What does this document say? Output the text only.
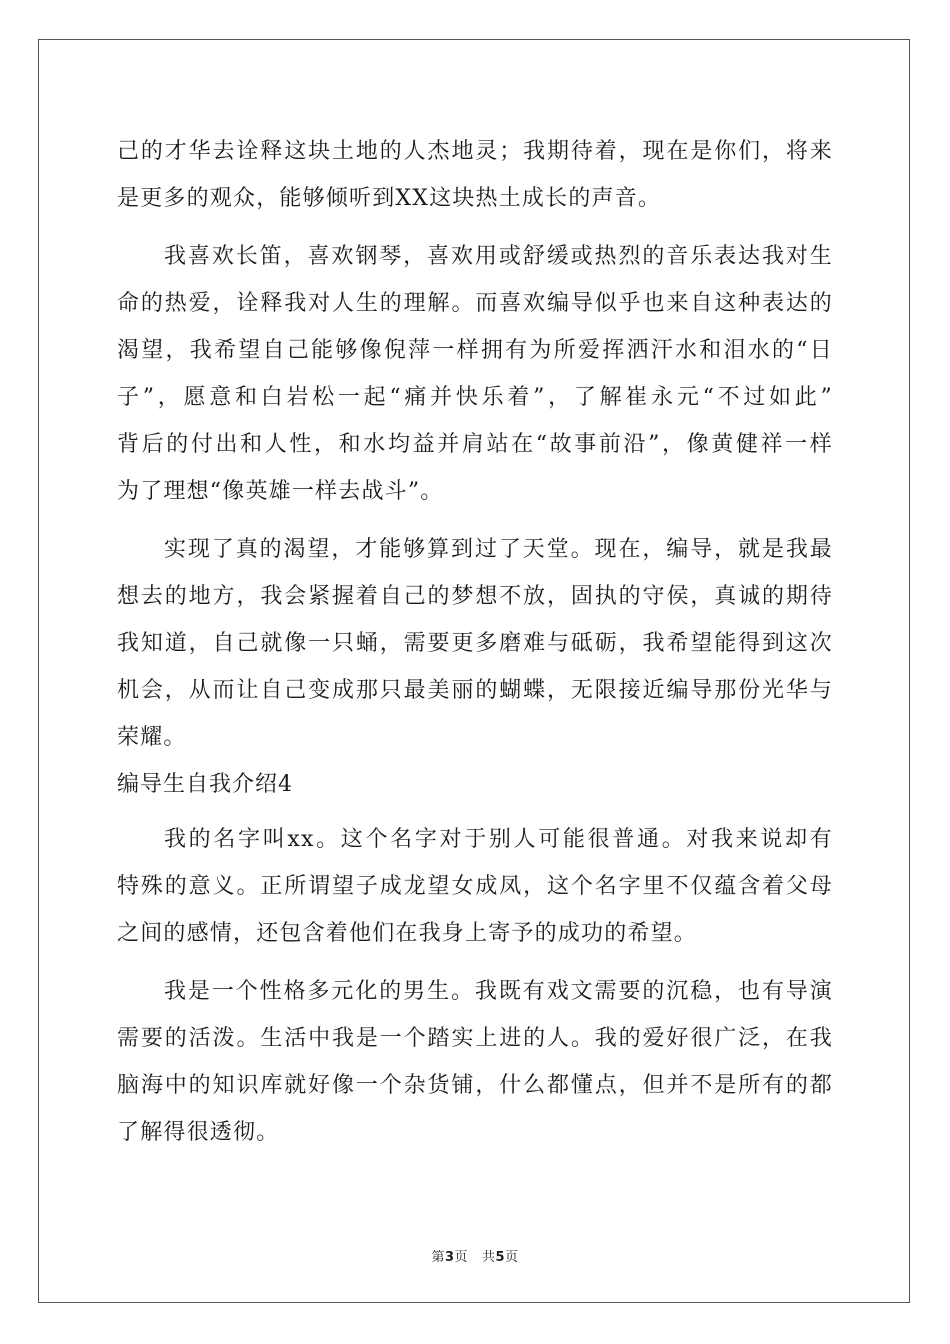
己的才华去诠释这块土地的人杰地灵；我期待着，现在是你们，将来
是更多的观众，能够倾听到XX这块热土成长的声音。
我喜欢长笛，喜欢钢琴，喜欢用或舒缓或热烈的音乐表达我对生
命的热爱，诠释我对人生的理解。而喜欢编导似乎也来自这种表达的
渴望，我希望自己能够像倪萍一样拥有为所爱挥洒汗水和泪水的“日
子”，愿意和白岩松一起“痛并快乐着”，了解崔永元“不过如此”
背后的付出和人性，和水均益并肩站在“故事前沿”，像黄健祥一样
为了理想“像英雄一样去战斗”。
实现了真的渴望，才能够算到过了天堂。现在，编导，就是我最
想去的地方，我会紧握着自己的梦想不放，固执的守侯，真诚的期待
我知道，自己就像一只蛹，需要更多磨难与砥砺，我希望能得到这次
机会，从而让自己变成那只最美丽的蝴蝶，无限接近编导那份光华与
荣耀。
编导生自我介绍4
我的名字叫xx。这个名字对于别人可能很普通。对我来说却有
特殊的意义。正所谓望子成龙望女成凤，这个名字里不仅蕴含着父母
之间的感情，还包含着他们在我身上寄予的成功的希望。
我是一个性格多元化的男生。我既有戏文需要的沉稳，也有导演
需要的活泼。生活中我是一个踏实上进的人。我的爱好很广泛，在我
脑海中的知识库就好像一个杂货铺，什么都懂点，但并不是所有的都
了解得很透彻。
第3页 共5页
